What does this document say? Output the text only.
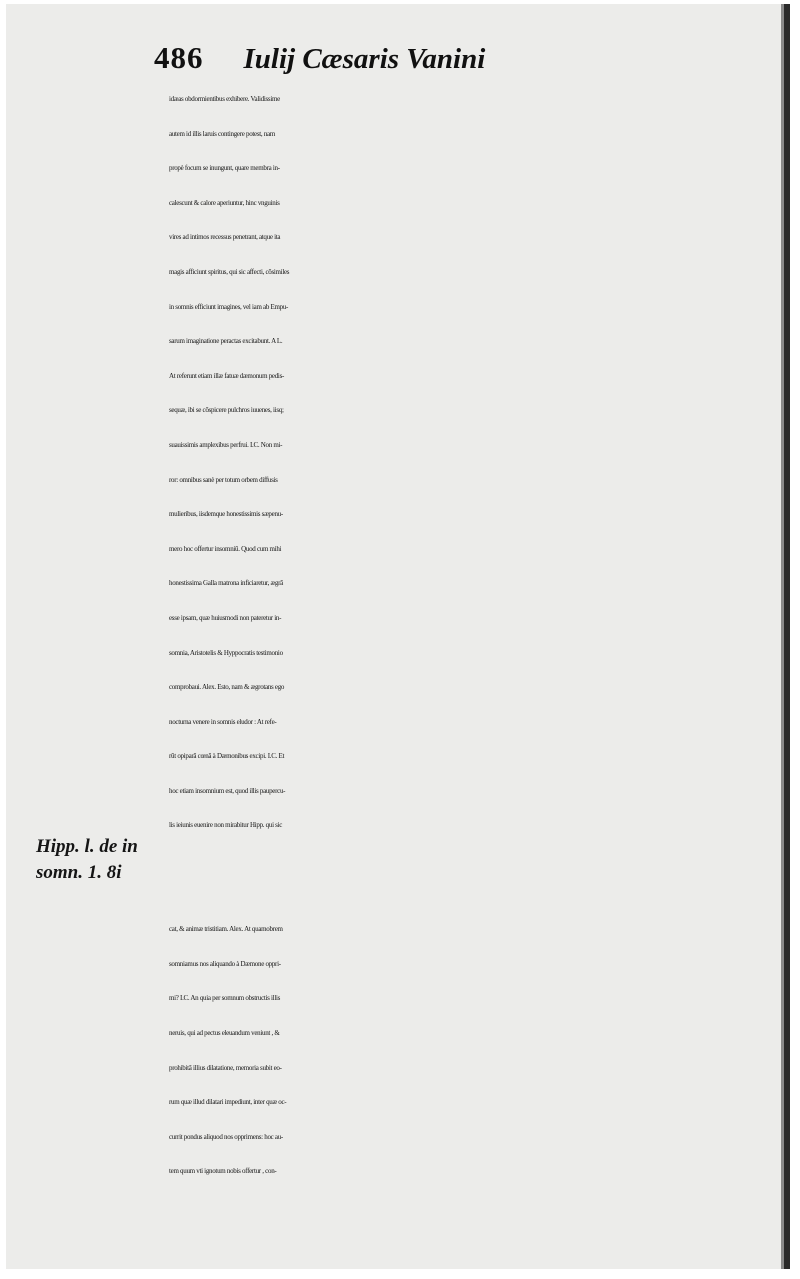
486 Iulij Cæsaris Vanini
idæas obdormientibus exhibere. Validissime
autem id illis laruis contingere potest, nam
propè focum se inungunt, quare membra in-
calescunt & calore aperiuntur, hinc vnguinis
vires ad intimos recessus penetrant, atque ita
magis afficiunt spiritus, qui sic affecti, cōsimiles
in somnis efficiunt imagines, vel iam ab Empu-
sarum imaginatione peractas excitabunt. A L.
At referunt etiam illæ fatuæ dæmonum pedis-
sequæ, ibi se cōspicere pulchros iuuenes, iisq;
suauissimis amplexibus perfrui. I.C. Non mi-
ror: omnibus sanè per totum orbem diffusis
mulieribus, iisdemque honestissimis sæpenu-
mero hoc offertur insomniū. Quod cum mihi
honestissima Galla matrona inficiaretur, ægrā
esse ipsam, quæ huiusmodi non pateretur in-
somnia, Aristotelis & Hyppocratis testimonio
comprobaui. Alex. Esto, nam & ægrotans ego
nocturna venere in somnis eludor : At refe-
rūt opiparā cœnā à Dæmonibus excipi. I.C. Et
hoc etiam insomnium est, quod illis paupercu-
lis ieiunis euenire non mirabitur Hipp. qui sic
cat, & animæ tristitiam. Alex. At quamobrem
somniamus nos aliquando à Dæmone oppri-
mi? I.C. An quia per somnum obstructis illis
neruis, qui ad pectus eleuandum veniunt , &
prohibitā illius dilatatione, memoria subit eo-
rum quæ illud dilatari impediunt, inter quæ oc-
currit pondus aliquod nos opprimens: hoc au-
tem quum vti ignotum nobis offertur , con-
Hipp. l. de in
somn. 1. 8i
